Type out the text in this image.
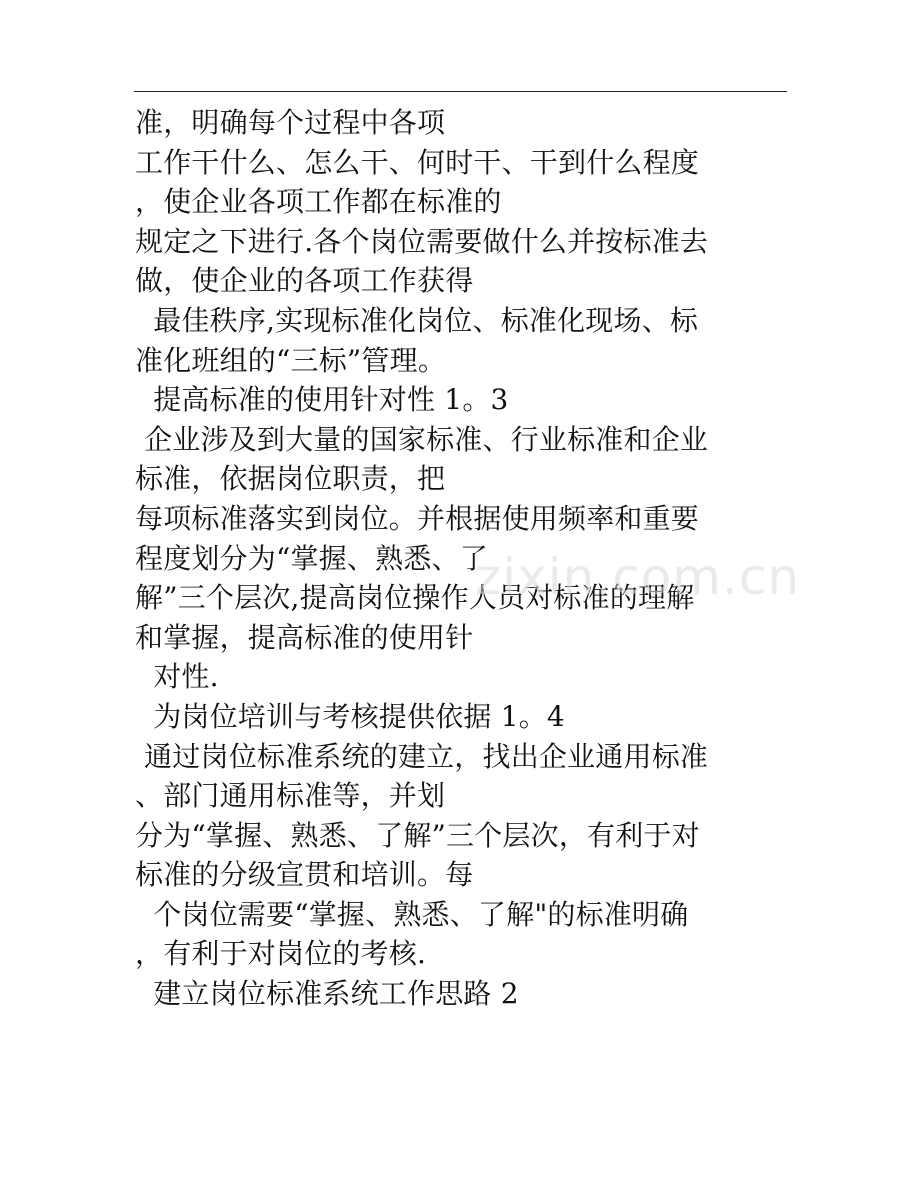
准，明确每个过程中各项
工作干什么、怎么干、何时干、干到什么程度
，使企业各项工作都在标准的
规定之下进行.各个岗位需要做什么并按标准去
做，使企业的各项工作获得
最佳秩序,实现标准化岗位、标准化现场、标
准化班组的“三标”管理。
提高标准的使用针对性 1。3
企业涉及到大量的国家标准、行业标准和企业
标准，依据岗位职责，把
每项标准落实到岗位。并根据使用频率和重要
程度划分为“掌握、熟悉、了
解”三个层次,提高岗位操作人员对标准的理解
和掌握，提高标准的使用针
对性.
为岗位培训与考核提供依据 1。4
通过岗位标准系统的建立，找出企业通用标准
、部门通用标准等，并划
分为“掌握、熟悉、了解”三个层次，有利于对
标准的分级宣贯和培训。每
个岗位需要“掌握、熟悉、了解"的标准明确
，有利于对岗位的考核.
建立岗位标准系统工作思路 2
zixin.com.cn
